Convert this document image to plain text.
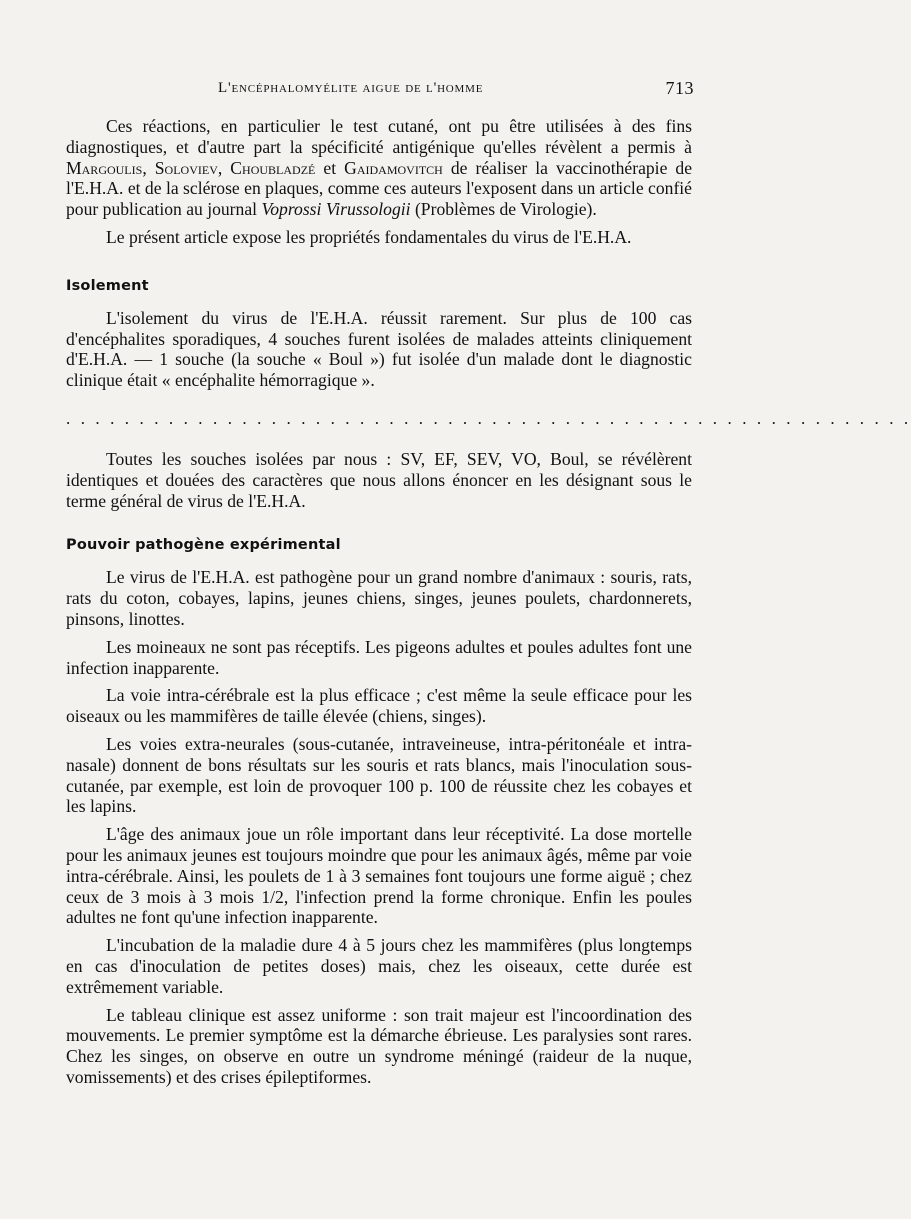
L'encéphalomyélite aigue de l'homme	713

Ces réactions, en particulier le test cutané, ont pu être utilisées à des fins diagnostiques, et d'autre part la spécificité antigénique qu'elles révèlent a permis à Margoulis, Soloviev, Choubladzé et Gaidamovitch de réaliser la vaccinothérapie de l'E.H.A. et de la sclérose en plaques, comme ces auteurs l'exposent dans un article confié pour publication au journal Voprossi Virussologii (Problèmes de Virologie).

Le présent article expose les propriétés fondamentales du virus de l'E.H.A.

Isolement

L'isolement du virus de l'E.H.A. réussit rarement. Sur plus de 100 cas d'encéphalites sporadiques, 4 souches furent isolées de malades atteints cliniquement d'E.H.A. — 1 souche (la souche « Boul ») fut isolée d'un malade dont le diagnostic clinique était « encéphalite hémorragique ».

. . . . . . . . . . . . . . . . . . . . . . . . . . . . . . . . . . . . . . . . . . . . . . . . . . . . . . . . . .

Toutes les souches isolées par nous : SV, EF, SEV, VO, Boul, se révélèrent identiques et douées des caractères que nous allons énoncer en les désignant sous le terme général de virus de l'E.H.A.

Pouvoir pathogène expérimental

Le virus de l'E.H.A. est pathogène pour un grand nombre d'animaux : souris, rats, rats du coton, cobayes, lapins, jeunes chiens, singes, jeunes poulets, chardonnerets, pinsons, linottes.

Les moineaux ne sont pas réceptifs. Les pigeons adultes et poules adultes font une infection inapparente.

La voie intra-cérébrale est la plus efficace ; c'est même la seule efficace pour les oiseaux ou les mammifères de taille élevée (chiens, singes).

Les voies extra-neurales (sous-cutanée, intraveineuse, intra-péritonéale et intra-nasale) donnent de bons résultats sur les souris et rats blancs, mais l'inoculation sous-cutanée, par exemple, est loin de provoquer 100 p. 100 de réussite chez les cobayes et les lapins.

L'âge des animaux joue un rôle important dans leur réceptivité. La dose mortelle pour les animaux jeunes est toujours moindre que pour les animaux âgés, même par voie intra-cérébrale. Ainsi, les poulets de 1 à 3 semaines font toujours une forme aiguë ; chez ceux de 3 mois à 3 mois 1/2, l'infection prend la forme chronique. Enfin les poules adultes ne font qu'une infection inapparente.

L'incubation de la maladie dure 4 à 5 jours chez les mammifères (plus longtemps en cas d'inoculation de petites doses) mais, chez les oiseaux, cette durée est extrêmement variable.

Le tableau clinique est assez uniforme : son trait majeur est l'incoordination des mouvements. Le premier symptôme est la démarche ébrieuse. Les paralysies sont rares. Chez les singes, on observe en outre un syndrome méningé (raideur de la nuque, vomissements) et des crises épileptiformes.
